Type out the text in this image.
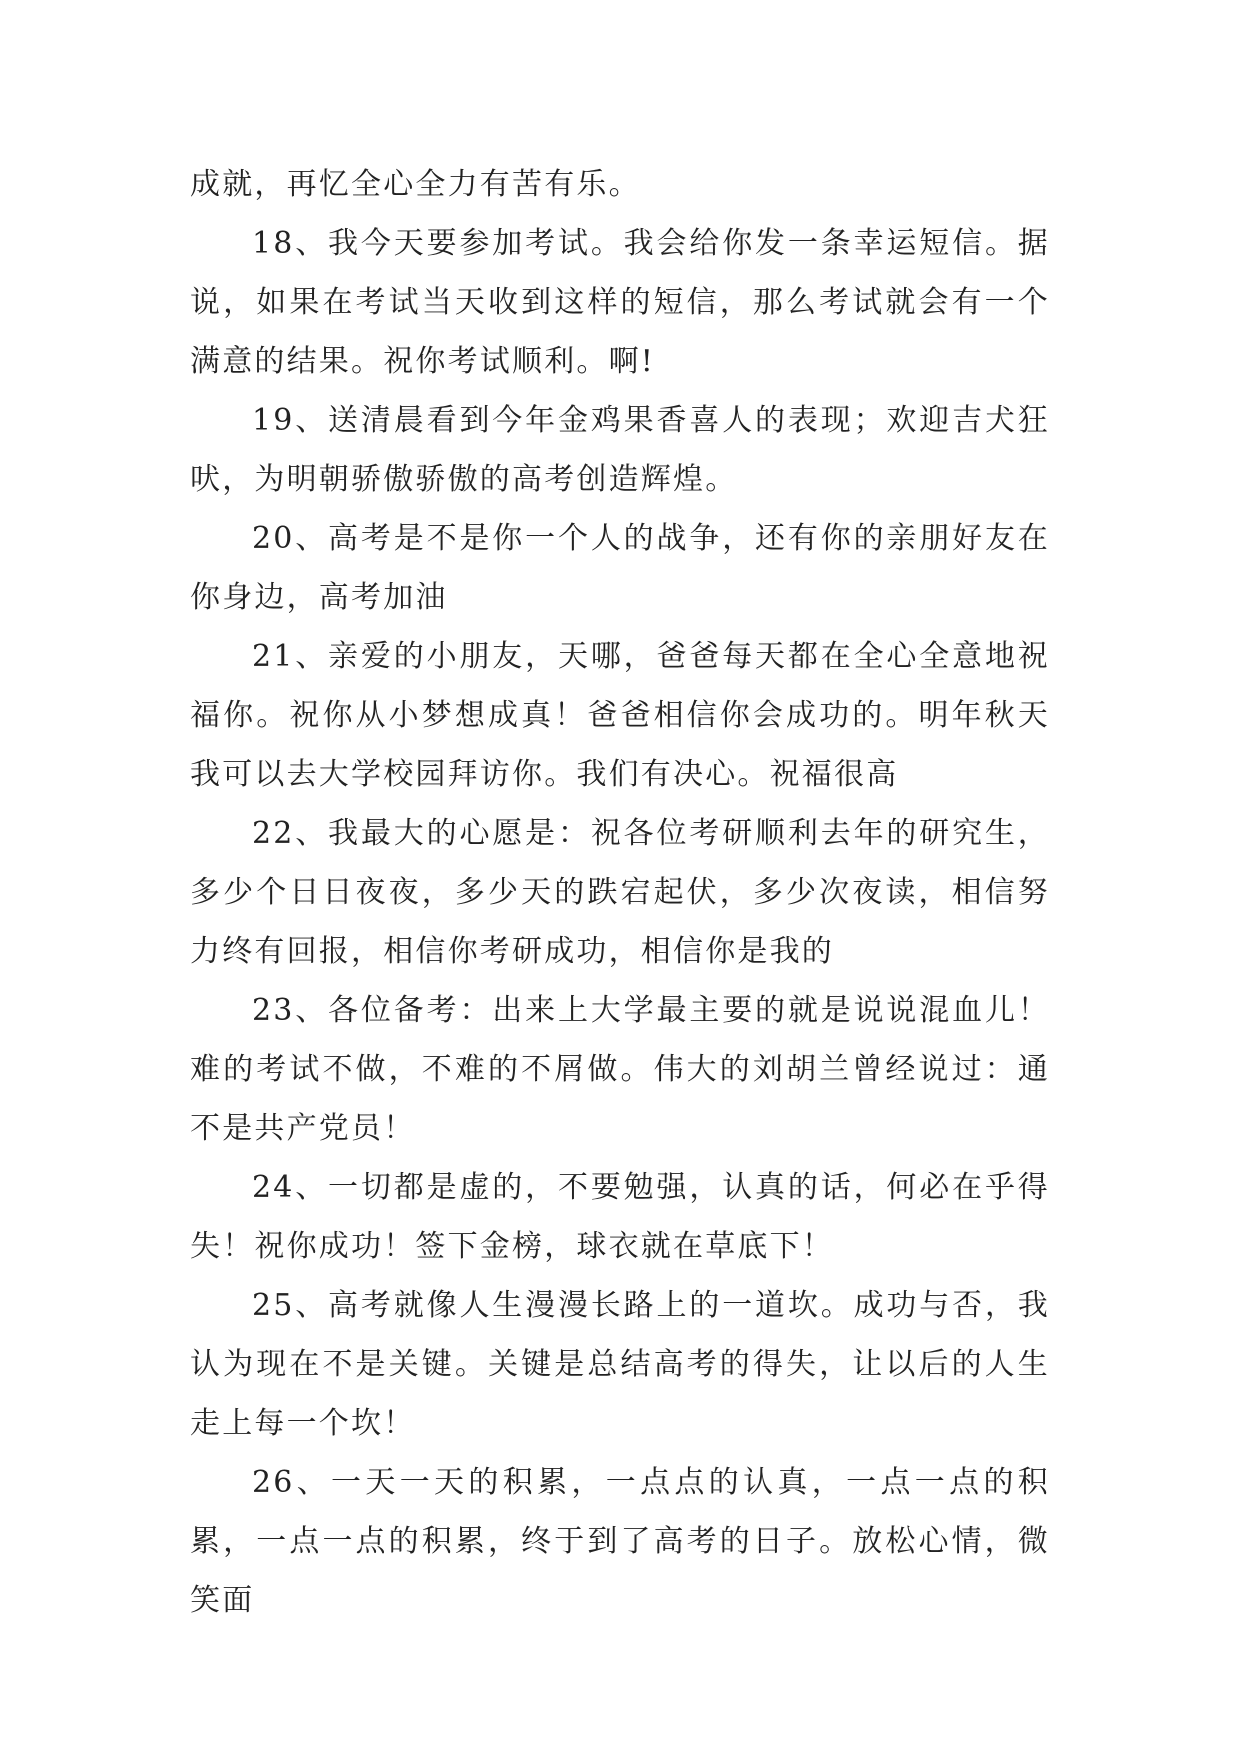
成就，再忆全心全力有苦有乐。

18、我今天要参加考试。我会给你发一条幸运短信。据说，如果在考试当天收到这样的短信，那么考试就会有一个满意的结果。祝你考试顺利。啊!

19、送清晨看到今年金鸡果香喜人的表现；欢迎吉犬狂吠，为明朝骄傲骄傲的高考创造辉煌。

20、高考是不是你一个人的战争，还有你的亲朋好友在你身边，高考加油

21、亲爱的小朋友，天哪，爸爸每天都在全心全意地祝福你。祝你从小梦想成真！爸爸相信你会成功的。明年秋天我可以去大学校园拜访你。我们有决心。祝福很高

22、我最大的心愿是：祝各位考研顺利去年的研究生，多少个日日夜夜，多少天的跌宕起伏，多少次夜读，相信努力终有回报，相信你考研成功，相信你是我的

23、各位备考：出来上大学最主要的就是说说混血儿！难的考试不做，不难的不屑做。伟大的刘胡兰曾经说过：通不是共产党员！

24、一切都是虚的，不要勉强，认真的话，何必在乎得失！祝你成功！签下金榜，球衣就在草底下！

25、高考就像人生漫漫长路上的一道坎。成功与否，我认为现在不是关键。关键是总结高考的得失，让以后的人生走上每一个坎！

26、一天一天的积累，一点点的认真，一点一点的积累，一点一点的积累，终于到了高考的日子。放松心情，微笑面
